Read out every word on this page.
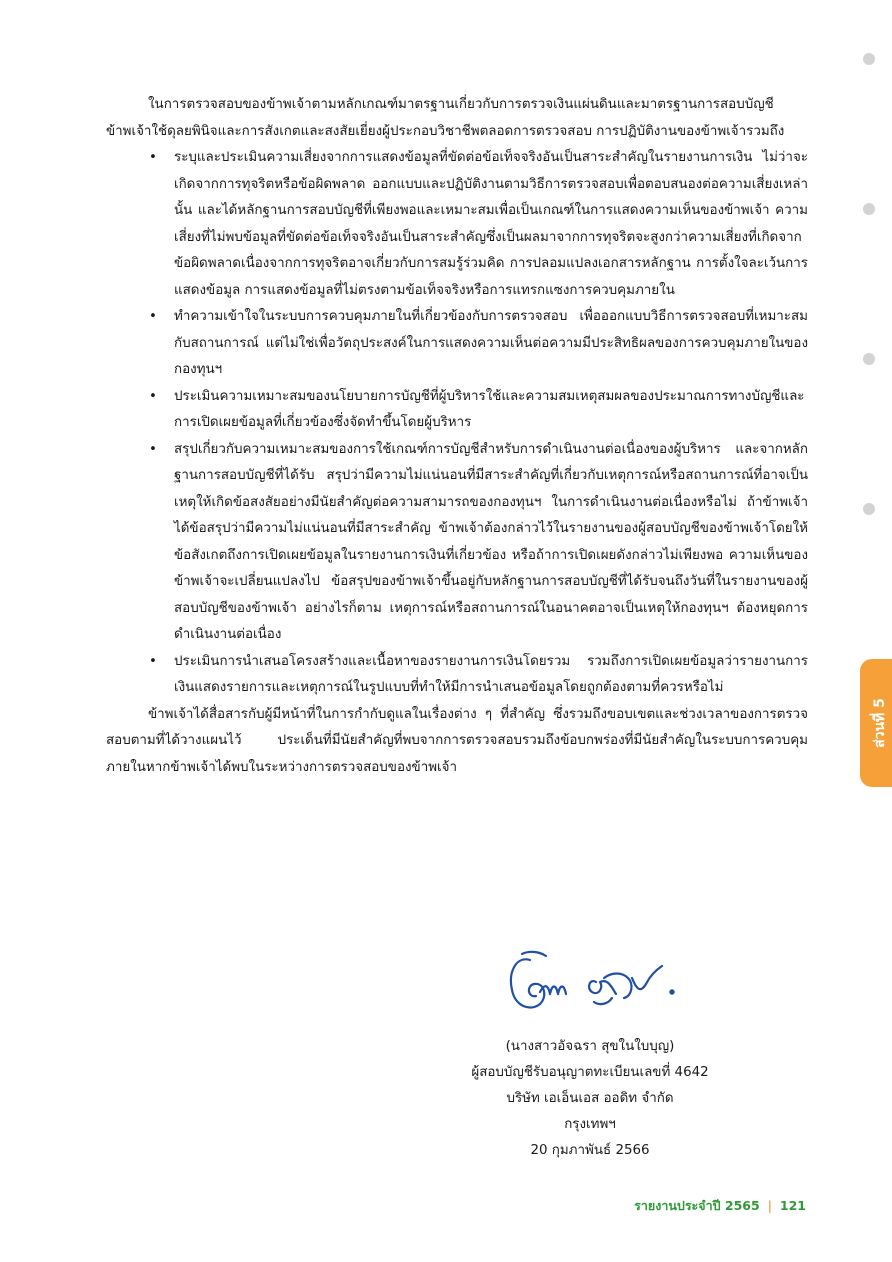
ส่วนที่ 5

ในการตรวจสอบของข้าพเจ้าตามหลักเกณฑ์มาตรฐานเกี่ยวกับการตรวจเงินแผ่นดินและมาตรฐานการสอบบัญชี ข้าพเจ้าใช้ดุลยพินิจและการสังเกตและสงสัยเยี่ยงผู้ประกอบวิชาชีพตลอดการตรวจสอบ การปฏิบัติงานของข้าพเจ้ารวมถึง

• ระบุและประเมินความเสี่ยงจากการแสดงข้อมูลที่ขัดต่อข้อเท็จจริงอันเป็นสาระสำคัญในรายงานการเงิน ไม่ว่าจะเกิดจากการทุจริตหรือข้อผิดพลาด ออกแบบและปฏิบัติงานตามวิธีการตรวจสอบเพื่อตอบสนองต่อความเสี่ยงเหล่านั้น และได้หลักฐานการสอบบัญชีที่เพียงพอและเหมาะสมเพื่อเป็นเกณฑ์ในการแสดงความเห็นของข้าพเจ้า ความเสี่ยงที่ไม่พบข้อมูลที่ขัดต่อข้อเท็จจริงอันเป็นสาระสำคัญซึ่งเป็นผลมาจากการทุจริตจะสูงกว่าความเสี่ยงที่เกิดจากข้อผิดพลาดเนื่องจากการทุจริตอาจเกี่ยวกับการสมรู้ร่วมคิด การปลอมแปลงเอกสารหลักฐาน การตั้งใจละเว้นการแสดงข้อมูล การแสดงข้อมูลที่ไม่ตรงตามข้อเท็จจริงหรือการแทรกแซงการควบคุมภายใน
• ทำความเข้าใจในระบบการควบคุมภายในที่เกี่ยวข้องกับการตรวจสอบ เพื่อออกแบบวิธีการตรวจสอบที่เหมาะสมกับสถานการณ์ แต่ไม่ใช่เพื่อวัตถุประสงค์ในการแสดงความเห็นต่อความมีประสิทธิผลของการควบคุมภายในของกองทุนฯ
• ประเมินความเหมาะสมของนโยบายการบัญชีที่ผู้บริหารใช้และความสมเหตุสมผลของประมาณการทางบัญชีและการเปิดเผยข้อมูลที่เกี่ยวข้องซึ่งจัดทำขึ้นโดยผู้บริหาร
• สรุปเกี่ยวกับความเหมาะสมของการใช้เกณฑ์การบัญชีสำหรับการดำเนินงานต่อเนื่องของผู้บริหาร และจากหลักฐานการสอบบัญชีที่ได้รับ สรุปว่ามีความไม่แน่นอนที่มีสาระสำคัญที่เกี่ยวกับเหตุการณ์หรือสถานการณ์ที่อาจเป็นเหตุให้เกิดข้อสงสัยอย่างมีนัยสำคัญต่อความสามารถของกองทุนฯ ในการดำเนินงานต่อเนื่องหรือไม่ ถ้าข้าพเจ้าได้ข้อสรุปว่ามีความไม่แน่นอนที่มีสาระสำคัญ ข้าพเจ้าต้องกล่าวไว้ในรายงานของผู้สอบบัญชีของข้าพเจ้าโดยให้ข้อสังเกตถึงการเปิดเผยข้อมูลในรายงานการเงินที่เกี่ยวข้อง หรือถ้าการเปิดเผยดังกล่าวไม่เพียงพอ ความเห็นของข้าพเจ้าจะเปลี่ยนแปลงไป ข้อสรุปของข้าพเจ้าขึ้นอยู่กับหลักฐานการสอบบัญชีที่ได้รับจนถึงวันที่ในรายงานของผู้สอบบัญชีของข้าพเจ้า อย่างไรก็ตาม เหตุการณ์หรือสถานการณ์ในอนาคตอาจเป็นเหตุให้กองทุนฯ ต้องหยุดการดำเนินงานต่อเนื่อง
• ประเมินการนำเสนอโครงสร้างและเนื้อหาของรายงานการเงินโดยรวม รวมถึงการเปิดเผยข้อมูลว่ารายงานการเงินแสดงรายการและเหตุการณ์ในรูปแบบที่ทำให้มีการนำเสนอข้อมูลโดยถูกต้องตามที่ควรหรือไม่

ข้าพเจ้าได้สื่อสารกับผู้มีหน้าที่ในการกำกับดูแลในเรื่องต่าง ๆ ที่สำคัญ ซึ่งรวมถึงขอบเขตและช่วงเวลาของการตรวจสอบตามที่ได้วางแผนไว้ ประเด็นที่มีนัยสำคัญที่พบจากการตรวจสอบรวมถึงข้อบกพร่องที่มีนัยสำคัญในระบบการควบคุมภายในหากข้าพเจ้าได้พบในระหว่างการตรวจสอบของข้าพเจ้า

(นางสาวอัจฉรา สุขในใบบุญ)
ผู้สอบบัญชีรับอนุญาตทะเบียนเลขที่ 4642
บริษัท เอเอ็นเอส ออดิท จำกัด
กรุงเทพฯ
20 กุมภาพันธ์ 2566
รายงานประจำปี 2565 | 121
